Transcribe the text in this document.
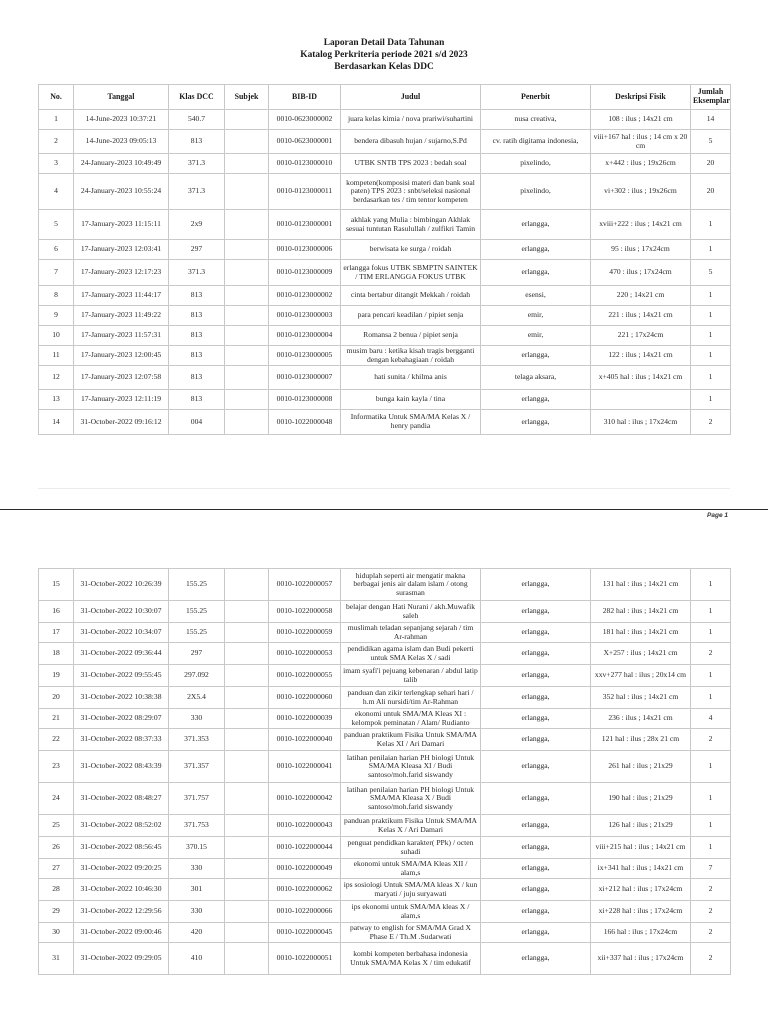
Laporan Detail Data Tahunan
Katalog Perkriteria periode 2021 s/d 2023
Berdasarkan Kelas DDC
No.	Tanggal	Klas DCC	Subjek	BIB-ID	Judul	Penerbit	Deskripsi Fisik	Jumlah Eksemplar
1	14-June-2023 10:37:21	540.7		0010-0623000002	juara kelas kimia / nova prariwi/suhartini	nusa creativa,	108 : ilus ; 14x21 cm	14
2	14-June-2023 09:05:13	813		0010-0623000001	bendera dibasuh hujan / sujarno,S.Pd	cv. ratih digitama indonesia,	viii+167 hal : ilus ; 14 cm x 20 cm	5
3	24-January-2023 10:49:49	371.3		0010-0123000010	UTBK SNTB TPS 2023 : bedah soal	pixelindo,	x+442 : ilus ; 19x26cm	20
4	24-January-2023 10:55:24	371.3		0010-0123000011	kompeten(komposisi materi dan bank soal paten) TPS 2023 : snbt/seleksi nasional berdasarkan tes / tim tentor kompeten	pixelindo,	vi+302 : ilus ; 19x26cm	20
5	17-January-2023 11:15:11	2x9		0010-0123000001	akhlak yang Mulia : bimbingan Akhlak sesuai tuntutan Rasulullah / zulfikri Tamin	erlangga,	xviii+222 : ilus ; 14x21 cm	1
6	17-January-2023 12:03:41	297		0010-0123000006	berwisata ke surga / roidah	erlangga,	95 : ilus ; 17x24cm	1
7	17-January-2023 12:17:23	371.3		0010-0123000009	erlangga fokus UTBK SBMPTN SAINTEK / TIM ERLANGGA FOKUS UTBK	erlangga,	470 : ilus ; 17x24cm	5
8	17-January-2023 11:44:17	813		0010-0123000002	cinta bertabur ditangit Mekkah / roidah	esensi,	220 ; 14x21 cm	1
9	17-January-2023 11:49:22	813		0010-0123000003	para pencari keadilan / pipiet senja	emir,	221 : ilus ; 14x21 cm	1
10	17-January-2023 11:57:31	813		0010-0123000004	Romansa 2 benua / pipiet senja	emir,	221 ; 17x24cm	1
11	17-January-2023 12:00:45	813		0010-0123000005	musim baru : ketika kisah tragis bergganti dengan kebahagiaan / roidah	erlangga,	122 : ilus ; 14x21 cm	1
12	17-January-2023 12:07:58	813		0010-0123000007	hati sunita / khilma anis	telaga aksara,	x+405 hal : ilus ; 14x21 cm	1
13	17-January-2023 12:11:19	813		0010-0123000008	bunga kain kayla / tina	erlangga,		1
14	31-October-2022 09:16:12	004		0010-1022000048	Informatika Untuk SMA/MA Kelas X / henry pandia	erlangga,	310 hal : ilus ; 17x24cm	2
Page 1
15	31-October-2022 10:26:39	155.25		0010-1022000057	hiduplah seperti air mengatir makna berbagai jenis air dalam islam / otong surasman	erlangga,	131 hal : ilus ; 14x21 cm	1
16	31-October-2022 10:30:07	155.25		0010-1022000058	belajar dengan Hati Nurani / akh.Muwafik saleh	erlangga,	282 hal : ilus ; 14x21 cm	1
17	31-October-2022 10:34:07	155.25		0010-1022000059	muslimah teladan sepanjang sejarah / tim Ar-rahman	erlangga,	181 hal : ilus ; 14x21 cm	1
18	31-October-2022 09:36:44	297		0010-1022000053	pendidikan agama islam dan Budi pekerti untuk SMA Kelas X / sadi	erlangga,	X+257 : ilus ; 14x21 cm	2
19	31-October-2022 09:55:45	297.092		0010-1022000055	imam syafi'i pejuang kebenaran / abdul latip talib	erlangga,	xxv+277 hal : ilus ; 20x14 cm	1
20	31-October-2022 10:38:38	2X5.4		0010-1022000060	panduan dan zikir terlengkap sehari hari / h.m Ali nursidi/tim Ar-Rahman	erlangga,	352 hal : ilus ; 14x21 cm	1
21	31-October-2022 08:29:07	330		0010-1022000039	ekonomi untuk SMA/MA Kleas XI : kelompok peminatan / Alam/ Rudianto	erlangga,	236 : ilus ; 14x21 cm	4
22	31-October-2022 08:37:33	371.353		0010-1022000040	panduan praktikum Fisika Untuk SMA/MA Kelas XI / Ari Damari	erlangga,	121 hal : ilus ; 28x 21 cm	2
23	31-October-2022 08:43:39	371.357		0010-1022000041	latihan penilaian harian PH biologi Untuk SMA/MA Kleasa XI / Budi santoso/moh.farid siswandy	erlangga,	261 hal : ilus ; 21x29	1
24	31-October-2022 08:48:27	371.757		0010-1022000042	latihan penilaian harian PH biologi Untuk SMA/MA Kleasa X / Budi santoso/moh.farid siswandy	erlangga,	190 hal : ilus ; 21x29	1
25	31-October-2022 08:52:02	371.753		0010-1022000043	panduan praktikum Fisika Untuk SMA/MA Kelas X / Ari Damari	erlangga,	126 hal : ilus ; 21x29	1
26	31-October-2022 08:56:45	370.15		0010-1022000044	penguat pendidkan karakter( PPk) / octen suhadi	erlangga,	viii+215 hal : ilus ; 14x21 cm	1
27	31-October-2022 09:20:25	330		0010-1022000049	ekonomi untuk SMA/MA Kleas XII / alam,s	erlangga,	ix+341 hal : ilus ; 14x21 cm	7
28	31-October-2022 10:46:30	301		0010-1022000062	ips sosiologi Untuk SMA/MA kleas X / kun maryati / juju suryawati	erlangga,	xi+212 hal : ilus ; 17x24cm	2
29	31-October-2022 12:29:56	330		0010-1022000066	ips ekonomi untuk SMA/MA kleas X / alam,s	erlangga,	xi+228 hal : ilus ; 17x24cm	2
30	31-October-2022 09:00:46	420		0010-1022000045	patway to english for SMA/MA Grad X Phase E / Th.M .Sudarwati	erlangga,	166 hal : ilus ; 17x24cm	2
31	31-October-2022 09:29:05	410		0010-1022000051	kombi kompeten berbahasa indonesia Untuk SMA/MA Kelas X / tim edukatif	erlangga,	xii+337 hal : ilus ; 17x24cm	2
